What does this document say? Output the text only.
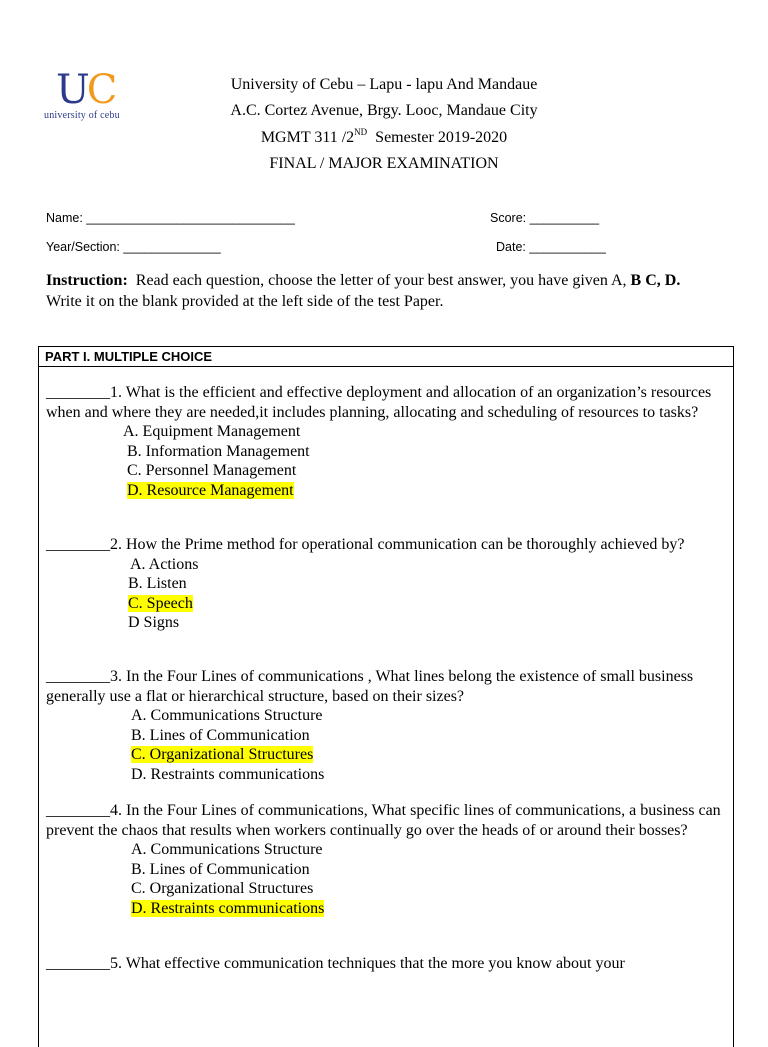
UC
university of cebu
University of Cebu – Lapu - lapu And Mandaue
A.C. Cortez Avenue, Brgy. Looc, Mandaue City
MGMT 311 /2ND  Semester 2019-2020
FINAL / MAJOR EXAMINATION
Name: ______________________________	Score: __________
Year/Section: ______________	Date: ___________
Instruction:  Read each question, choose the letter of your best answer, you have given A, B C, D.
Write it on the blank provided at the left side of the test Paper.
PART I. MULTIPLE CHOICE
________1. What is the efficient and effective deployment and allocation of an organization’s resources when and where they are needed,it includes planning, allocating and scheduling of resources to tasks?
A. Equipment Management
B. Information Management
C. Personnel Management
D. Resource Management
________2. How the Prime method for operational communication can be thoroughly achieved by?
A. Actions
B. Listen
C. Speech
D Signs
________3. In the Four Lines of communications , What lines belong the existence of small business generally use a flat or hierarchical structure, based on their sizes?
A. Communications Structure
B. Lines of Communication
C. Organizational Structures
D. Restraints communications
________4. In the Four Lines of communications, What specific lines of communications, a business can prevent the chaos that results when workers continually go over the heads of or around their bosses?
A. Communications Structure
B. Lines of Communication
C. Organizational Structures
D. Restraints communications
________5. What effective communication techniques that the more you know about your
